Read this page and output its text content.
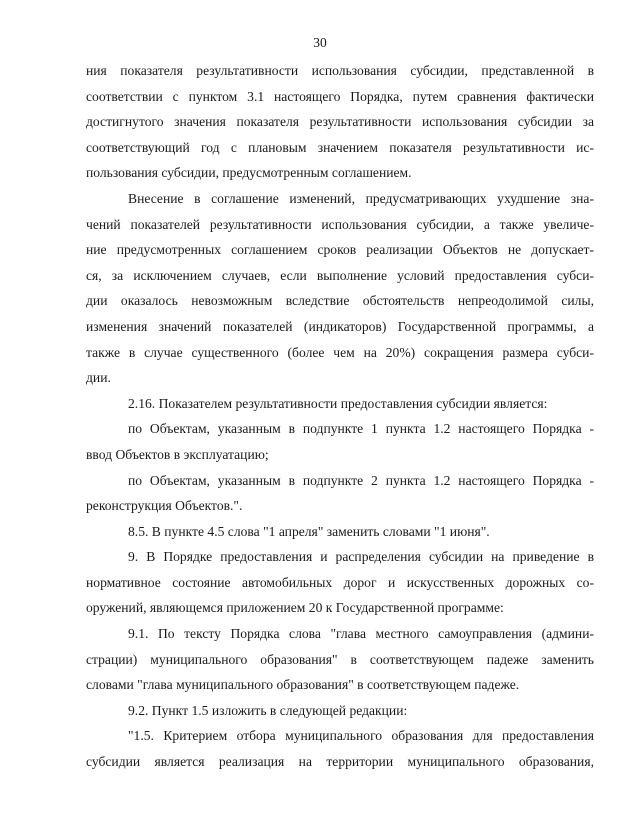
30

ния показателя результативности использования субсидии, представленной в
соответствии с пунктом 3.1 настоящего Порядка, путем сравнения фактически
достигнутого значения показателя результативности использования субсидии за
соответствующий год с плановым значением показателя результативности ис-
пользования субсидии, предусмотренным соглашением.

Внесение в соглашение изменений, предусматривающих ухудшение зна-
чений показателей результативности использования субсидии, а также увеличе-
ние предусмотренных соглашением сроков реализации Объектов не допускает-
ся, за исключением случаев, если выполнение условий предоставления субси-
дии оказалось невозможным вследствие обстоятельств непреодолимой силы,
изменения значений показателей (индикаторов) Государственной программы, а
также в случае существенного (более чем на 20%) сокращения размера субси-
дии.

2.16. Показателем результативности предоставления субсидии является:

по Объектам, указанным в подпункте 1 пункта 1.2 настоящего Порядка -
ввод Объектов в эксплуатацию;

по Объектам, указанным в подпункте 2 пункта 1.2 настоящего Порядка -
реконструкция Объектов.".

8.5. В пункте 4.5 слова "1 апреля" заменить словами "1 июня".

9. В Порядке предоставления и распределения субсидии на приведение в
нормативное состояние автомобильных дорог и искусственных дорожных со-
оружений, являющемся приложением 20 к Государственной программе:

9.1. По тексту Порядка слова "глава местного самоуправления (админи-
страции) муниципального образования" в соответствующем падеже заменить
словами "глава муниципального образования" в соответствующем падеже.

9.2. Пункт 1.5 изложить в следующей редакции:

"1.5. Критерием отбора муниципального образования для предоставления
субсидии является реализация на территории муниципального образования,
